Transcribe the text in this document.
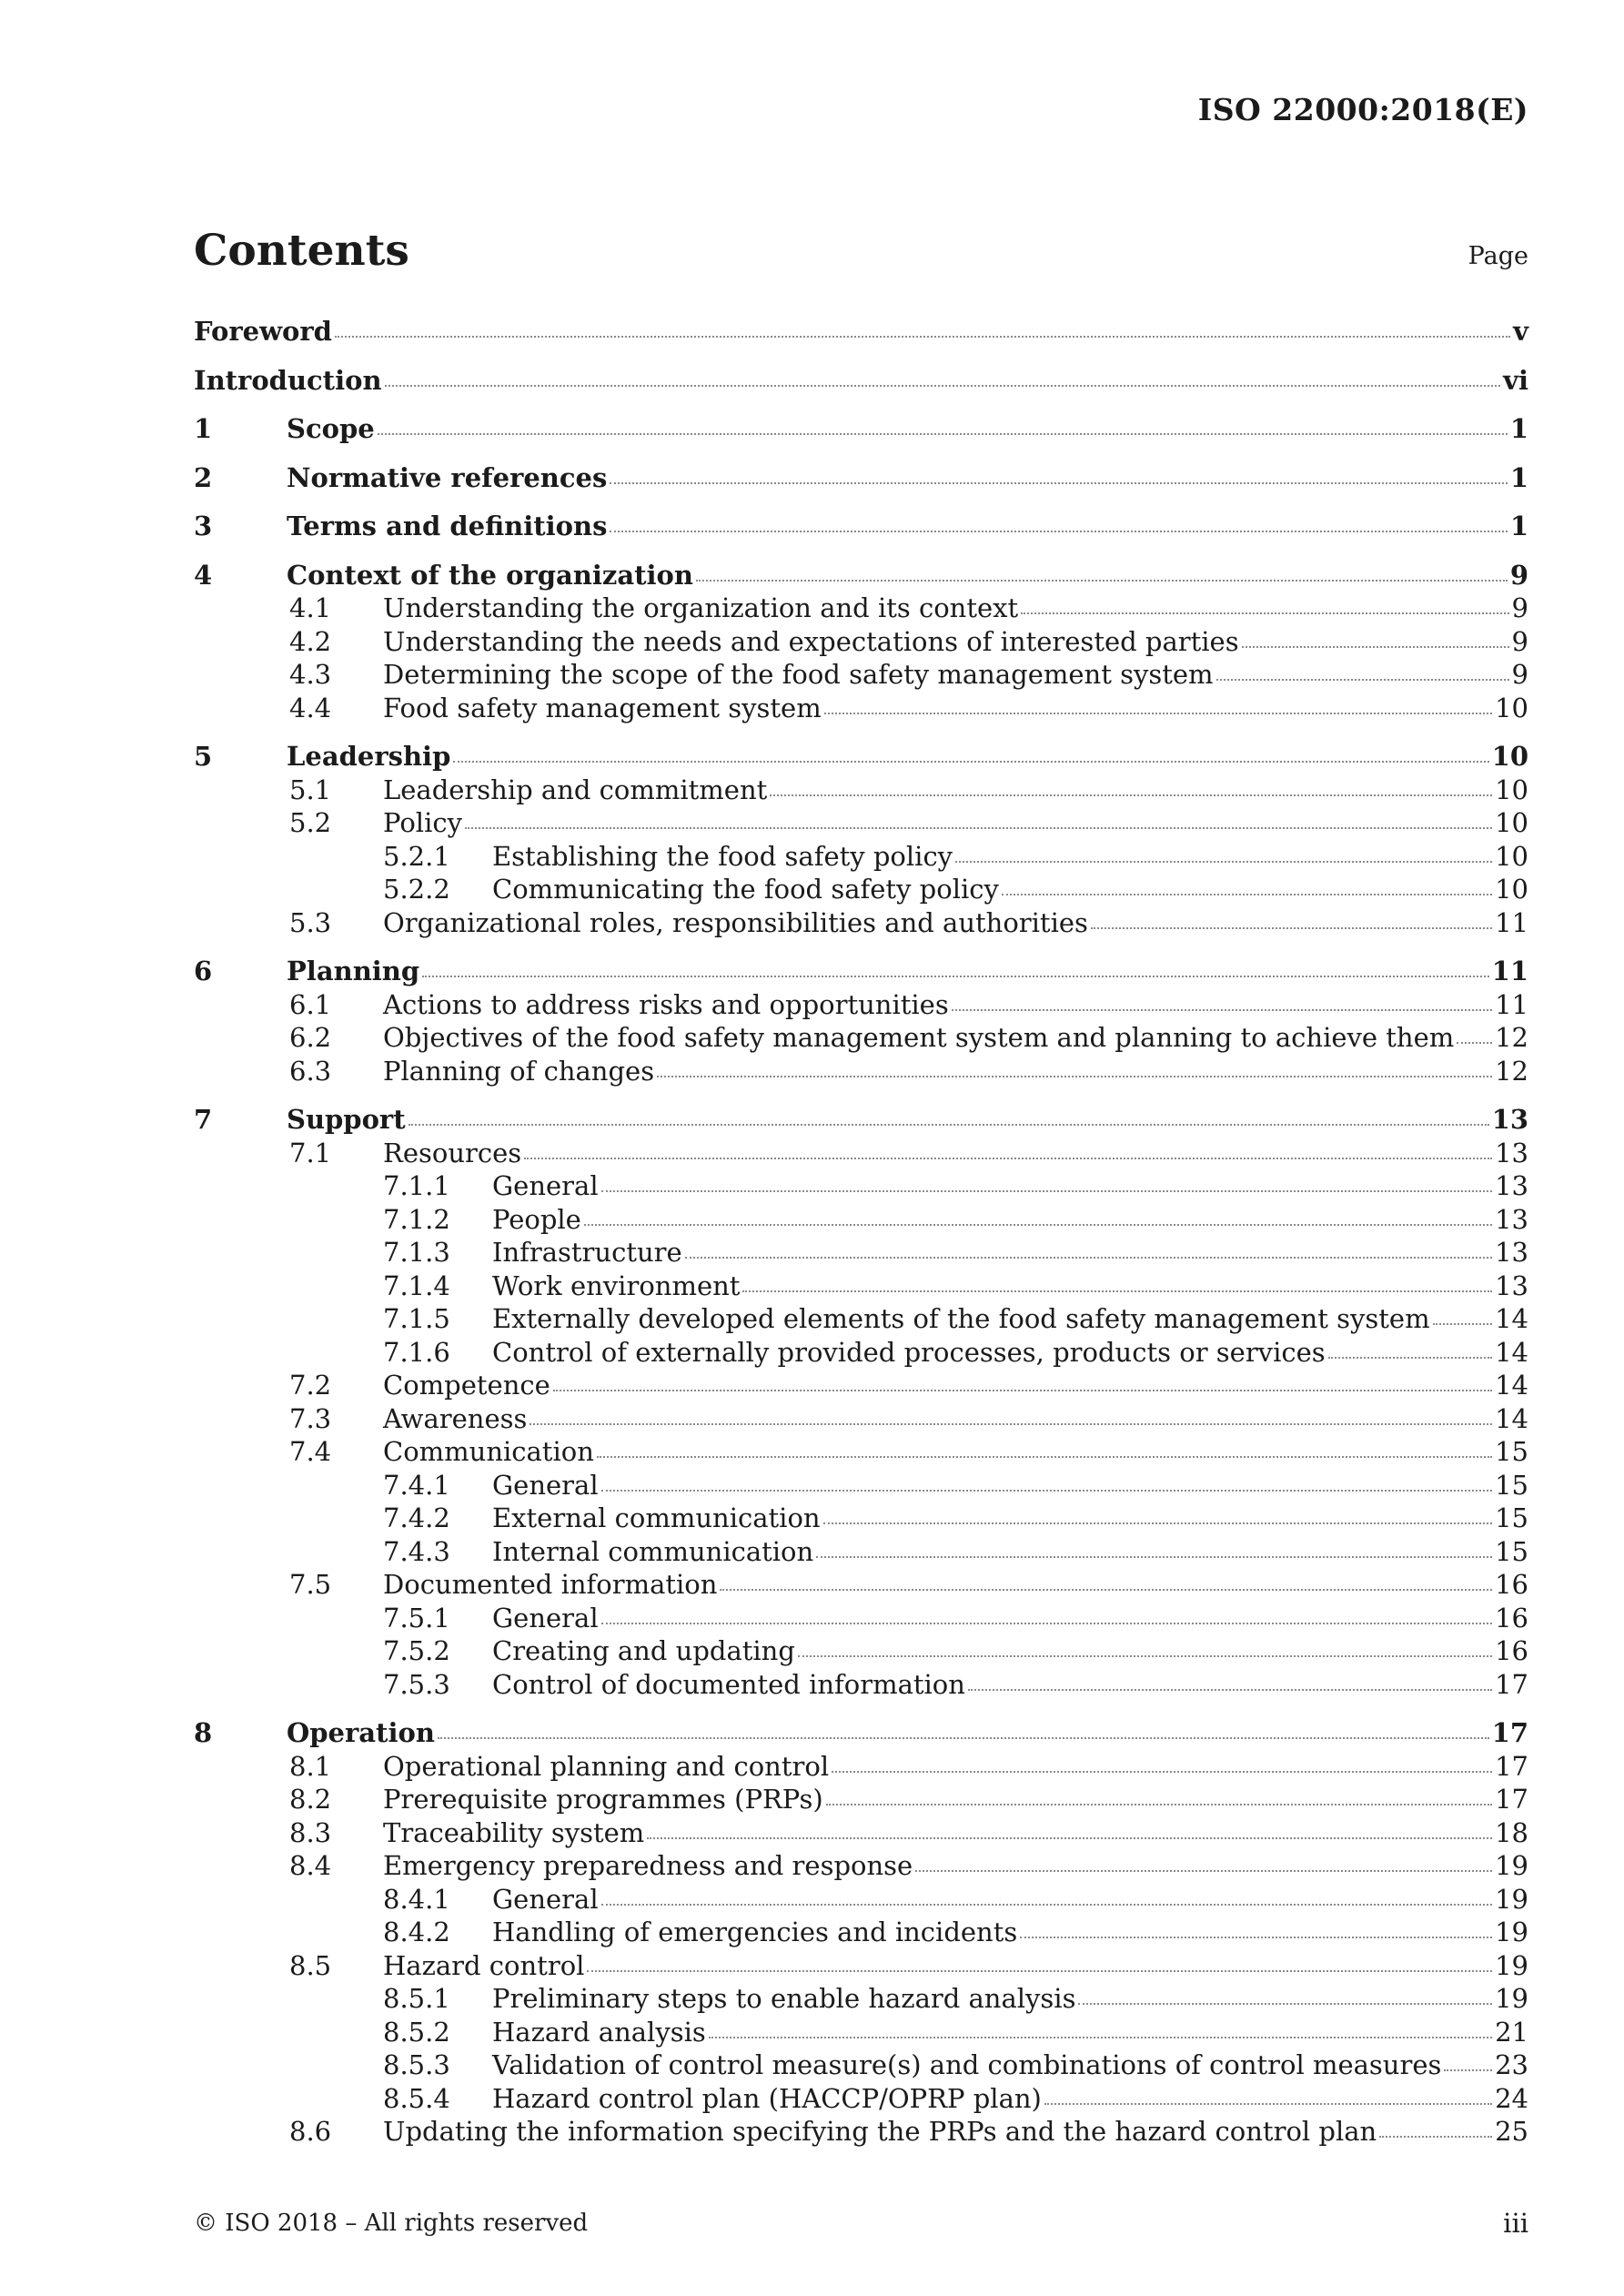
ISO 22000:2018(E)
Contents	Page
Foreword	v
Introduction	vi
1	Scope	1
2	Normative references	1
3	Terms and definitions	1
4	Context of the organization	9
4.1	Understanding the organization and its context	9
4.2	Understanding the needs and expectations of interested parties	9
4.3	Determining the scope of the food safety management system	9
4.4	Food safety management system	10
5	Leadership	10
5.1	Leadership and commitment	10
5.2	Policy	10
5.2.1	Establishing the food safety policy	10
5.2.2	Communicating the food safety policy	10
5.3	Organizational roles, responsibilities and authorities	11
6	Planning	11
6.1	Actions to address risks and opportunities	11
6.2	Objectives of the food safety management system and planning to achieve them 12
6.3	Planning of changes	12
7	Support	13
7.1	Resources	13
7.1.1	General	13
7.1.2	People	13
7.1.3	Infrastructure	13
7.1.4	Work environment	13
7.1.5	Externally developed elements of the food safety management system 14
7.1.6	Control of externally provided processes, products or services	14
7.2	Competence	14
7.3	Awareness	14
7.4	Communication	15
7.4.1	General	15
7.4.2	External communication	15
7.4.3	Internal communication	15
7.5	Documented information	16
7.5.1	General	16
7.5.2	Creating and updating	16
7.5.3	Control of documented information	17
8	Operation	17
8.1	Operational planning and control	17
8.2	Prerequisite programmes (PRPs)	17
8.3	Traceability system	18
8.4	Emergency preparedness and response	19
8.4.1	General	19
8.4.2	Handling of emergencies and incidents	19
8.5	Hazard control	19
8.5.1	Preliminary steps to enable hazard analysis	19
8.5.2	Hazard analysis	21
8.5.3	Validation of control measure(s) and combinations of control measures 23
8.5.4	Hazard control plan (HACCP/OPRP plan)	24
8.6	Updating the information specifying the PRPs and the hazard control plan	25
© ISO 2018 – All rights reserved	iii
